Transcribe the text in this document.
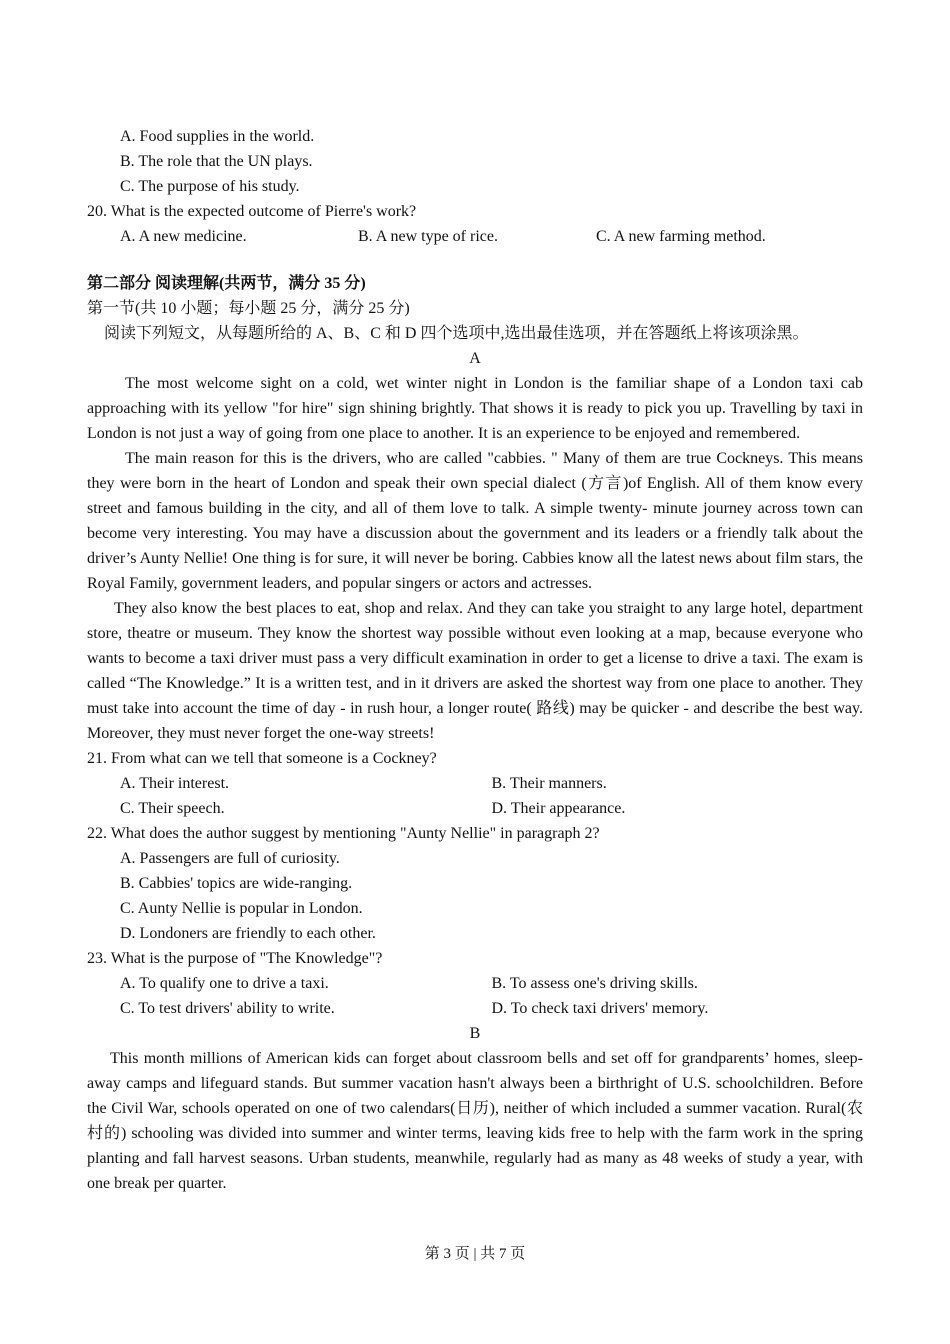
A. Food supplies in the world.
B. The role that the UN plays.
C. The purpose of his study.
20. What is the expected outcome of Pierre's work?
A. A new medicine.	B. A new type of rice.	C. A new farming method.
第二部分 阅读理解(共两节，满分 35 分)
第一节(共 10 小题；每小题 25 分，满分 25 分)
阅读下列短文，从每题所给的 A、B、C 和 D 四个选项中,选出最佳选项，并在答题纸上将该项涂黑。
A

The most welcome sight on a cold, wet winter night in London is the familiar shape of a London taxi cab approaching with its yellow "for hire" sign shining brightly. That shows it is ready to pick you up. Travelling by taxi in London is not just a way of going from one place to another. It is an experience to be enjoyed and remembered.

The main reason for this is the drivers, who are called "cabbies. " Many of them are true Cockneys. This means they were born in the heart of London and speak their own special dialect (方言)of English. All of them know every street and famous building in the city, and all of them love to talk. A simple twenty- minute journey across town can become very interesting. You may have a discussion about the government and its leaders or a friendly talk about the driver’s Aunty Nellie! One thing is for sure, it will never be boring. Cabbies know all the latest news about film stars, the Royal Family, government leaders, and popular singers or actors and actresses.

They also know the best places to eat, shop and relax. And they can take you straight to any large hotel, department store, theatre or museum. They know the shortest way possible without even looking at a map, because everyone who wants to become a taxi driver must pass a very difficult examination in order to get a license to drive a taxi. The exam is called “The Knowledge.” It is a written test, and in it drivers are asked the shortest way from one place to another. They must take into account the time of day - in rush hour, a longer route( 路线) may be quicker - and describe the best way. Moreover, they must never forget the one-way streets!

21. From what can we tell that someone is a Cockney?
A. Their interest.	B. Their manners.
C. Their speech.	D. Their appearance.
22. What does the author suggest by mentioning "Aunty Nellie" in paragraph 2?
A. Passengers are full of curiosity.
B. Cabbies' topics are wide-ranging.
C. Aunty Nellie is popular in London.
D. Londoners are friendly to each other.
23. What is the purpose of "The Knowledge"?
A. To qualify one to drive a taxi.	B. To assess one's driving skills.
C. To test drivers' ability to write.	D. To check taxi drivers' memory.
B

This month millions of American kids can forget about classroom bells and set off for grandparents’ homes, sleep-away camps and lifeguard stands. But summer vacation hasn't always been a birthright of U.S. schoolchildren. Before the Civil War, schools operated on one of two calendars(日历), neither of which included a summer vacation. Rural(农村的) schooling was divided into summer and winter terms, leaving kids free to help with the farm work in the spring planting and fall harvest seasons. Urban students, meanwhile, regularly had as many as 48 weeks of study a year, with one break per quarter.

第 3 页 | 共 7 页
